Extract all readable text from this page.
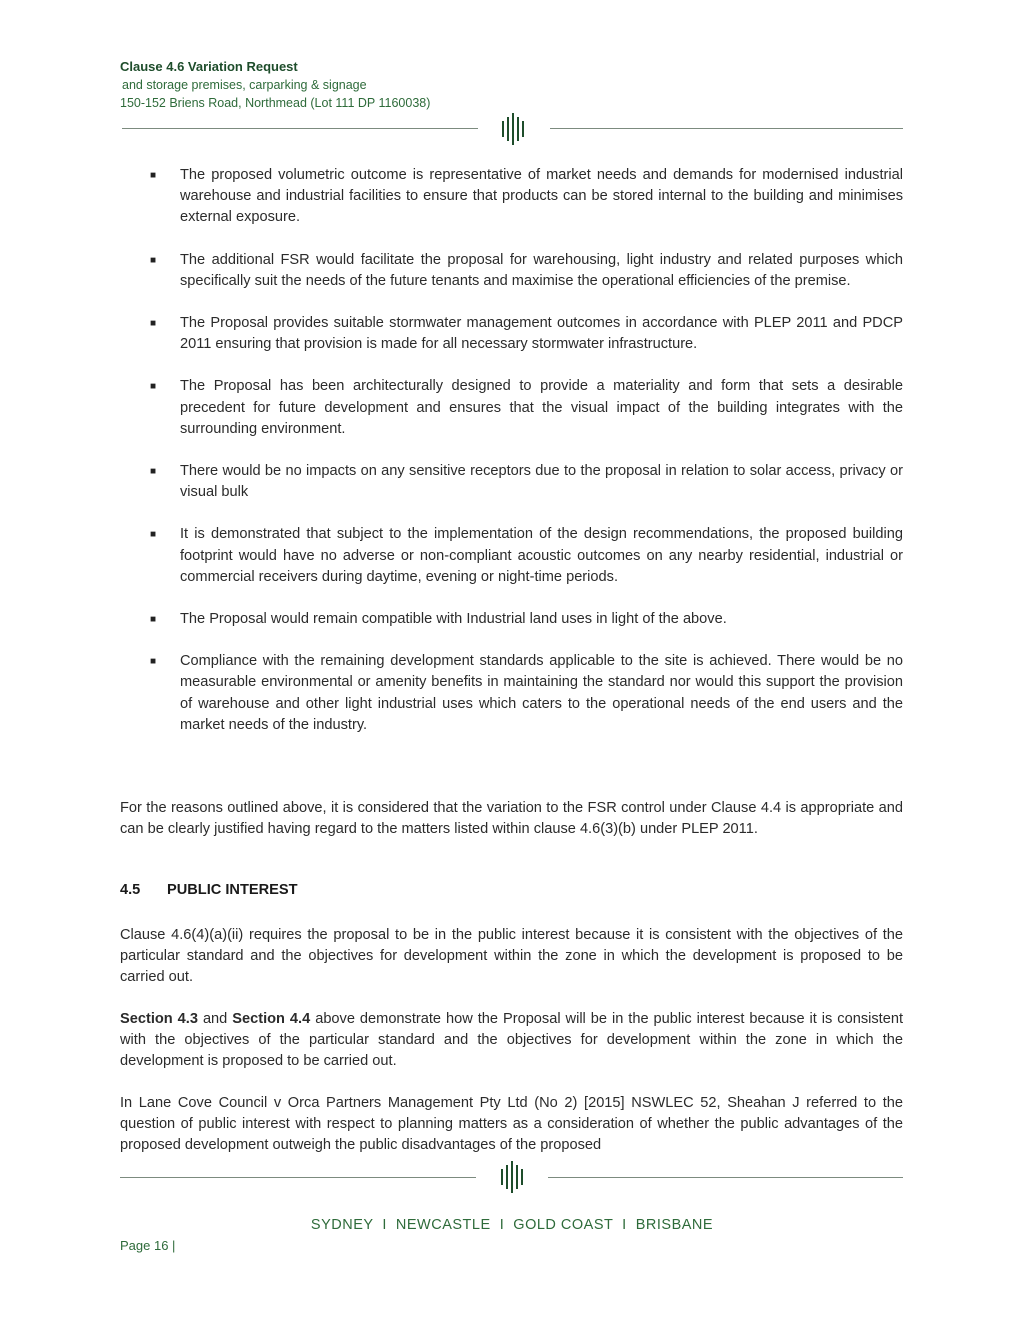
Clause 4.6 Variation Request
and storage premises, carparking & signage
150-152 Briens Road, Northmead (Lot 111 DP 1160038)
■ The proposed volumetric outcome is representative of market needs and demands for modernised industrial warehouse and industrial facilities to ensure that products can be stored internal to the building and minimises external exposure.
■ The additional FSR would facilitate the proposal for warehousing, light industry and related purposes which specifically suit the needs of the future tenants and maximise the operational efficiencies of the premise.
■ The Proposal provides suitable stormwater management outcomes in accordance with PLEP 2011 and PDCP 2011 ensuring that provision is made for all necessary stormwater infrastructure.
■ The Proposal has been architecturally designed to provide a materiality and form that sets a desirable precedent for future development and ensures that the visual impact of the building integrates with the surrounding environment.
■ There would be no impacts on any sensitive receptors due to the proposal in relation to solar access, privacy or visual bulk
■ It is demonstrated that subject to the implementation of the design recommendations, the proposed building footprint would have no adverse or non-compliant acoustic outcomes on any nearby residential, industrial or commercial receivers during daytime, evening or night-time periods.
■ The Proposal would remain compatible with Industrial land uses in light of the above.
■ Compliance with the remaining development standards applicable to the site is achieved. There would be no measurable environmental or amenity benefits in maintaining the standard nor would this support the provision of warehouse and other light industrial uses which caters to the operational needs of the end users and the market needs of the industry.

For the reasons outlined above, it is considered that the variation to the FSR control under Clause 4.4 is appropriate and can be clearly justified having regard to the matters listed within clause 4.6(3)(b) under PLEP 2011.

4.5 PUBLIC INTEREST

Clause 4.6(4)(a)(ii) requires the proposal to be in the public interest because it is consistent with the objectives of the particular standard and the objectives for development within the zone in which the development is proposed to be carried out.

Section 4.3 and Section 4.4 above demonstrate how the Proposal will be in the public interest because it is consistent with the objectives of the particular standard and the objectives for development within the zone in which the development is proposed to be carried out.

In Lane Cove Council v Orca Partners Management Pty Ltd (No 2) [2015] NSWLEC 52, Sheahan J referred to the question of public interest with respect to planning matters as a consideration of whether the public advantages of the proposed development outweigh the public disadvantages of the proposed

SYDNEY  I  NEWCASTLE  I  GOLD COAST  I  BRISBANE
Page 16 |
